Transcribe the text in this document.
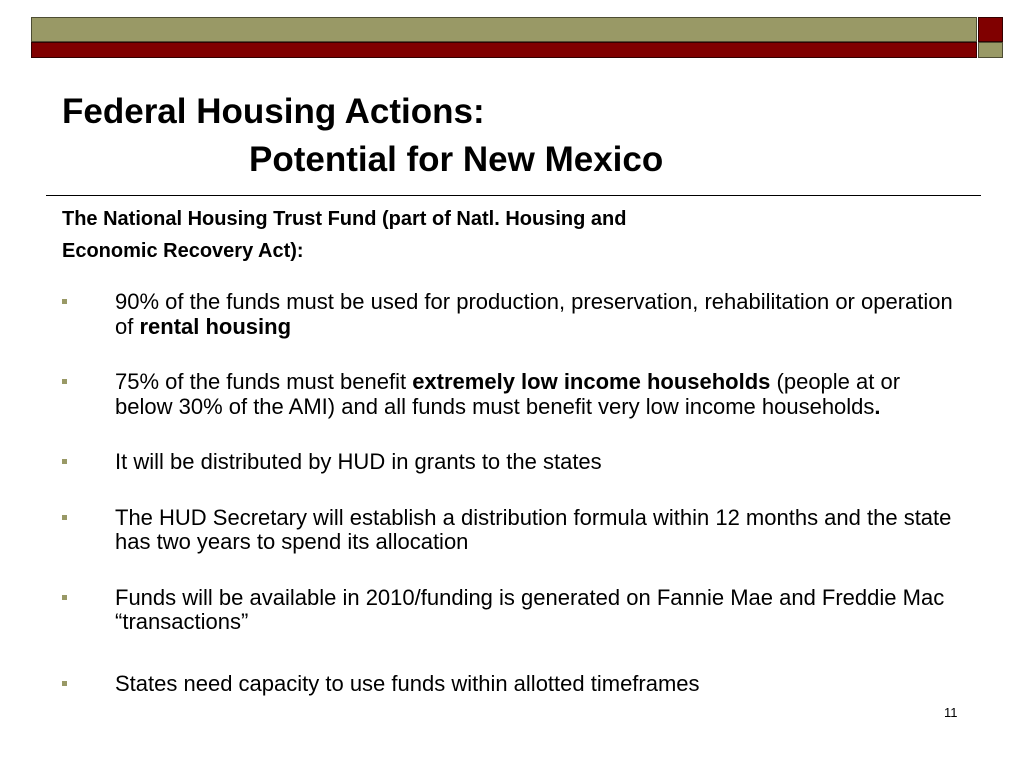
Federal Housing Actions:
Potential for New Mexico

The National Housing Trust Fund (part of Natl. Housing and
Economic Recovery Act):

90% of the funds must be used for production, preservation, rehabilitation or operation of rental housing
75% of the funds must benefit extremely low income households (people at or below 30% of the AMI) and all funds must benefit very low income households.
It will be distributed by HUD in grants to the states
The HUD Secretary will establish a distribution formula within 12 months and the state has two years to spend its allocation
Funds will be available in 2010/funding is generated on Fannie Mae and Freddie Mac “transactions”
States need capacity to use funds within allotted timeframes
11
